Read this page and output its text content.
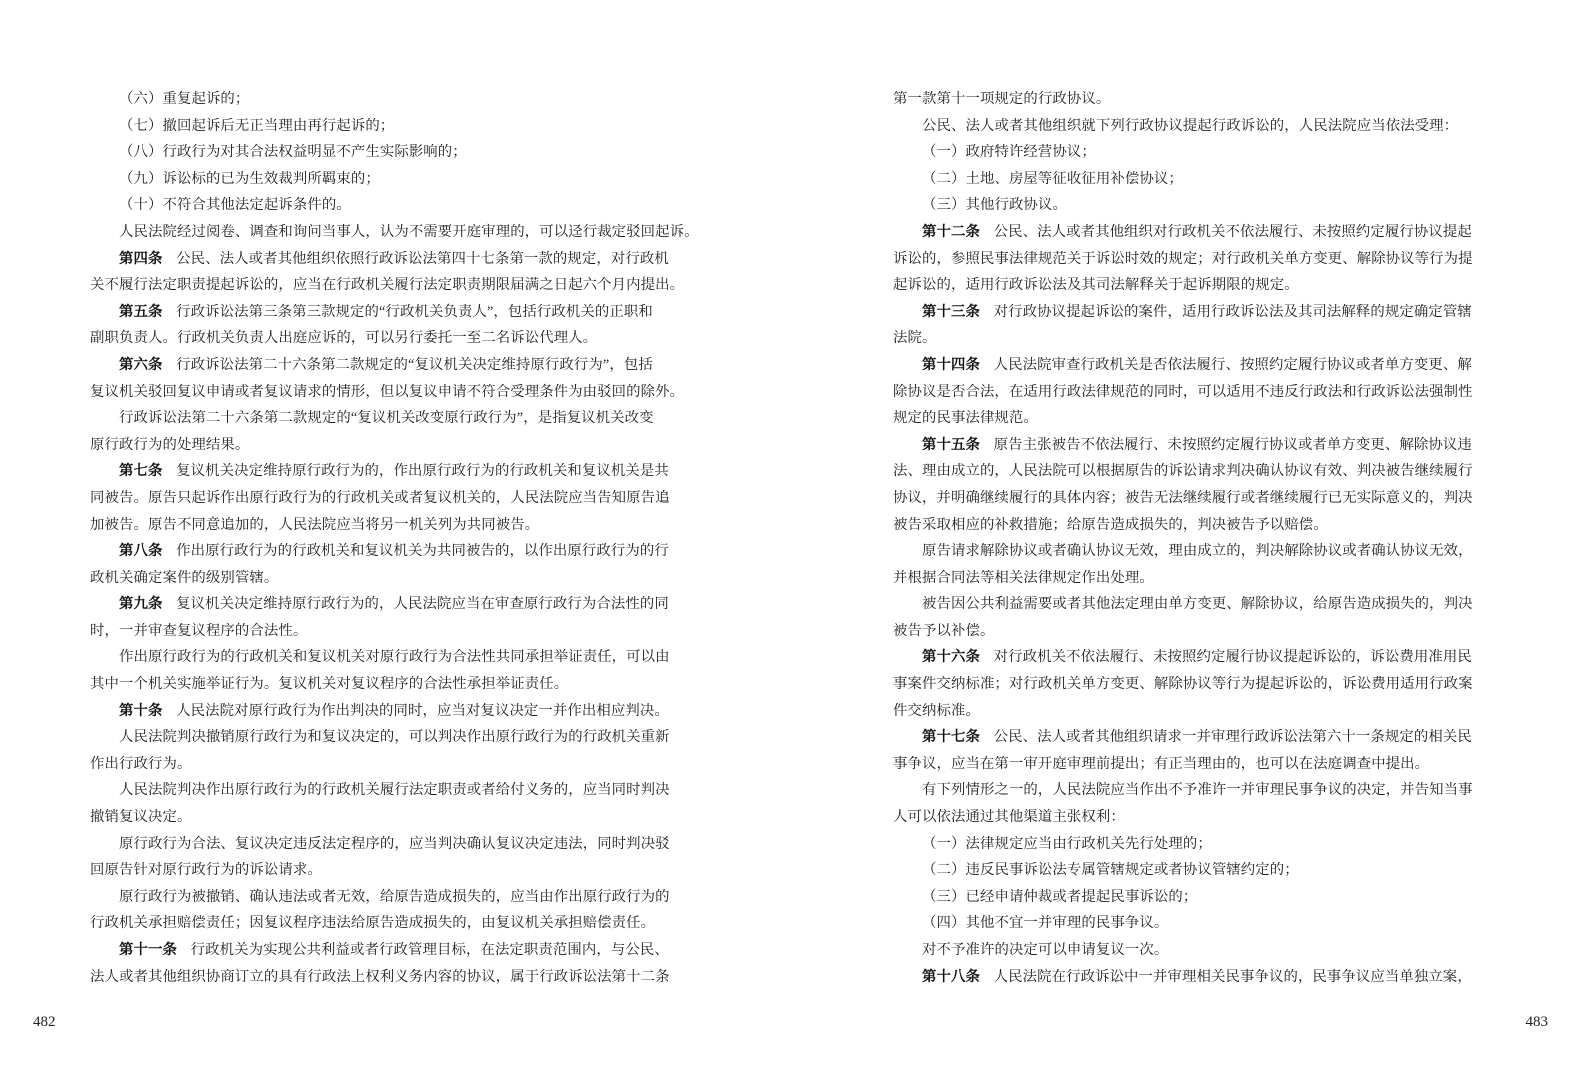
（六）重复起诉的；
（七）撤回起诉后无正当理由再行起诉的；
（八）行政行为对其合法权益明显不产生实际影响的；
（九）诉讼标的已为生效裁判所羁束的；
（十）不符合其他法定起诉条件的。
人民法院经过阅卷、调查和询问当事人，认为不需要开庭审理的，可以迳行裁定驳回起诉。
第四条 公民、法人或者其他组织依照行政诉讼法第四十七条第一款的规定，对行政机
关不履行法定职责提起诉讼的，应当在行政机关履行法定职责期限届满之日起六个月内提出。
第五条 行政诉讼法第三条第三款规定的“行政机关负责人”，包括行政机关的正职和
副职负责人。行政机关负责人出庭应诉的，可以另行委托一至二名诉讼代理人。
第六条 行政诉讼法第二十六条第二款规定的“复议机关决定维持原行政行为”，包括
复议机关驳回复议申请或者复议请求的情形，但以复议申请不符合受理条件为由驳回的除外。
行政诉讼法第二十六条第二款规定的“复议机关改变原行政行为”，是指复议机关改变
原行政行为的处理结果。
第七条 复议机关决定维持原行政行为的，作出原行政行为的行政机关和复议机关是共
同被告。原告只起诉作出原行政行为的行政机关或者复议机关的，人民法院应当告知原告追
加被告。原告不同意追加的，人民法院应当将另一机关列为共同被告。
第八条 作出原行政行为的行政机关和复议机关为共同被告的，以作出原行政行为的行
政机关确定案件的级别管辖。
第九条 复议机关决定维持原行政行为的，人民法院应当在审查原行政行为合法性的同
时，一并审查复议程序的合法性。
作出原行政行为的行政机关和复议机关对原行政行为合法性共同承担举证责任，可以由
其中一个机关实施举证行为。复议机关对复议程序的合法性承担举证责任。
第十条 人民法院对原行政行为作出判决的同时，应当对复议决定一并作出相应判决。
人民法院判决撤销原行政行为和复议决定的，可以判决作出原行政行为的行政机关重新
作出行政行为。
人民法院判决作出原行政行为的行政机关履行法定职责或者给付义务的，应当同时判决
撤销复议决定。
原行政行为合法、复议决定违反法定程序的，应当判决确认复议决定违法，同时判决驳
回原告针对原行政行为的诉讼请求。
原行政行为被撤销、确认违法或者无效，给原告造成损失的，应当由作出原行政行为的
行政机关承担赔偿责任；因复议程序违法给原告造成损失的，由复议机关承担赔偿责任。
第十一条 行政机关为实现公共利益或者行政管理目标，在法定职责范围内，与公民、
法人或者其他组织协商订立的具有行政法上权利义务内容的协议，属于行政诉讼法第十二条
482
第一款第十一项规定的行政协议。
公民、法人或者其他组织就下列行政协议提起行政诉讼的，人民法院应当依法受理：
（一）政府特许经营协议；
（二）土地、房屋等征收征用补偿协议；
（三）其他行政协议。
第十二条 公民、法人或者其他组织对行政机关不依法履行、未按照约定履行协议提起
诉讼的，参照民事法律规范关于诉讼时效的规定；对行政机关单方变更、解除协议等行为提
起诉讼的，适用行政诉讼法及其司法解释关于起诉期限的规定。
第十三条 对行政协议提起诉讼的案件，适用行政诉讼法及其司法解释的规定确定管辖
法院。
第十四条 人民法院审查行政机关是否依法履行、按照约定履行协议或者单方变更、解
除协议是否合法，在适用行政法律规范的同时，可以适用不违反行政法和行政诉讼法强制性
规定的民事法律规范。
第十五条 原告主张被告不依法履行、未按照约定履行协议或者单方变更、解除协议违
法、理由成立的，人民法院可以根据原告的诉讼请求判决确认协议有效、判决被告继续履行
协议，并明确继续履行的具体内容；被告无法继续履行或者继续履行已无实际意义的，判决
被告采取相应的补救措施；给原告造成损失的，判决被告予以赔偿。
原告请求解除协议或者确认协议无效，理由成立的，判决解除协议或者确认协议无效，
并根据合同法等相关法律规定作出处理。
被告因公共利益需要或者其他法定理由单方变更、解除协议，给原告造成损失的，判决
被告予以补偿。
第十六条 对行政机关不依法履行、未按照约定履行协议提起诉讼的，诉讼费用准用民
事案件交纳标准；对行政机关单方变更、解除协议等行为提起诉讼的，诉讼费用适用行政案
件交纳标准。
第十七条 公民、法人或者其他组织请求一并审理行政诉讼法第六十一条规定的相关民
事争议，应当在第一审开庭审理前提出；有正当理由的，也可以在法庭调查中提出。
有下列情形之一的，人民法院应当作出不予准许一并审理民事争议的决定，并告知当事
人可以依法通过其他渠道主张权利：
（一）法律规定应当由行政机关先行处理的；
（二）违反民事诉讼法专属管辖规定或者协议管辖约定的；
（三）已经申请仲裁或者提起民事诉讼的；
（四）其他不宜一并审理的民事争议。
对不予准许的决定可以申请复议一次。
第十八条 人民法院在行政诉讼中一并审理相关民事争议的，民事争议应当单独立案，
483
